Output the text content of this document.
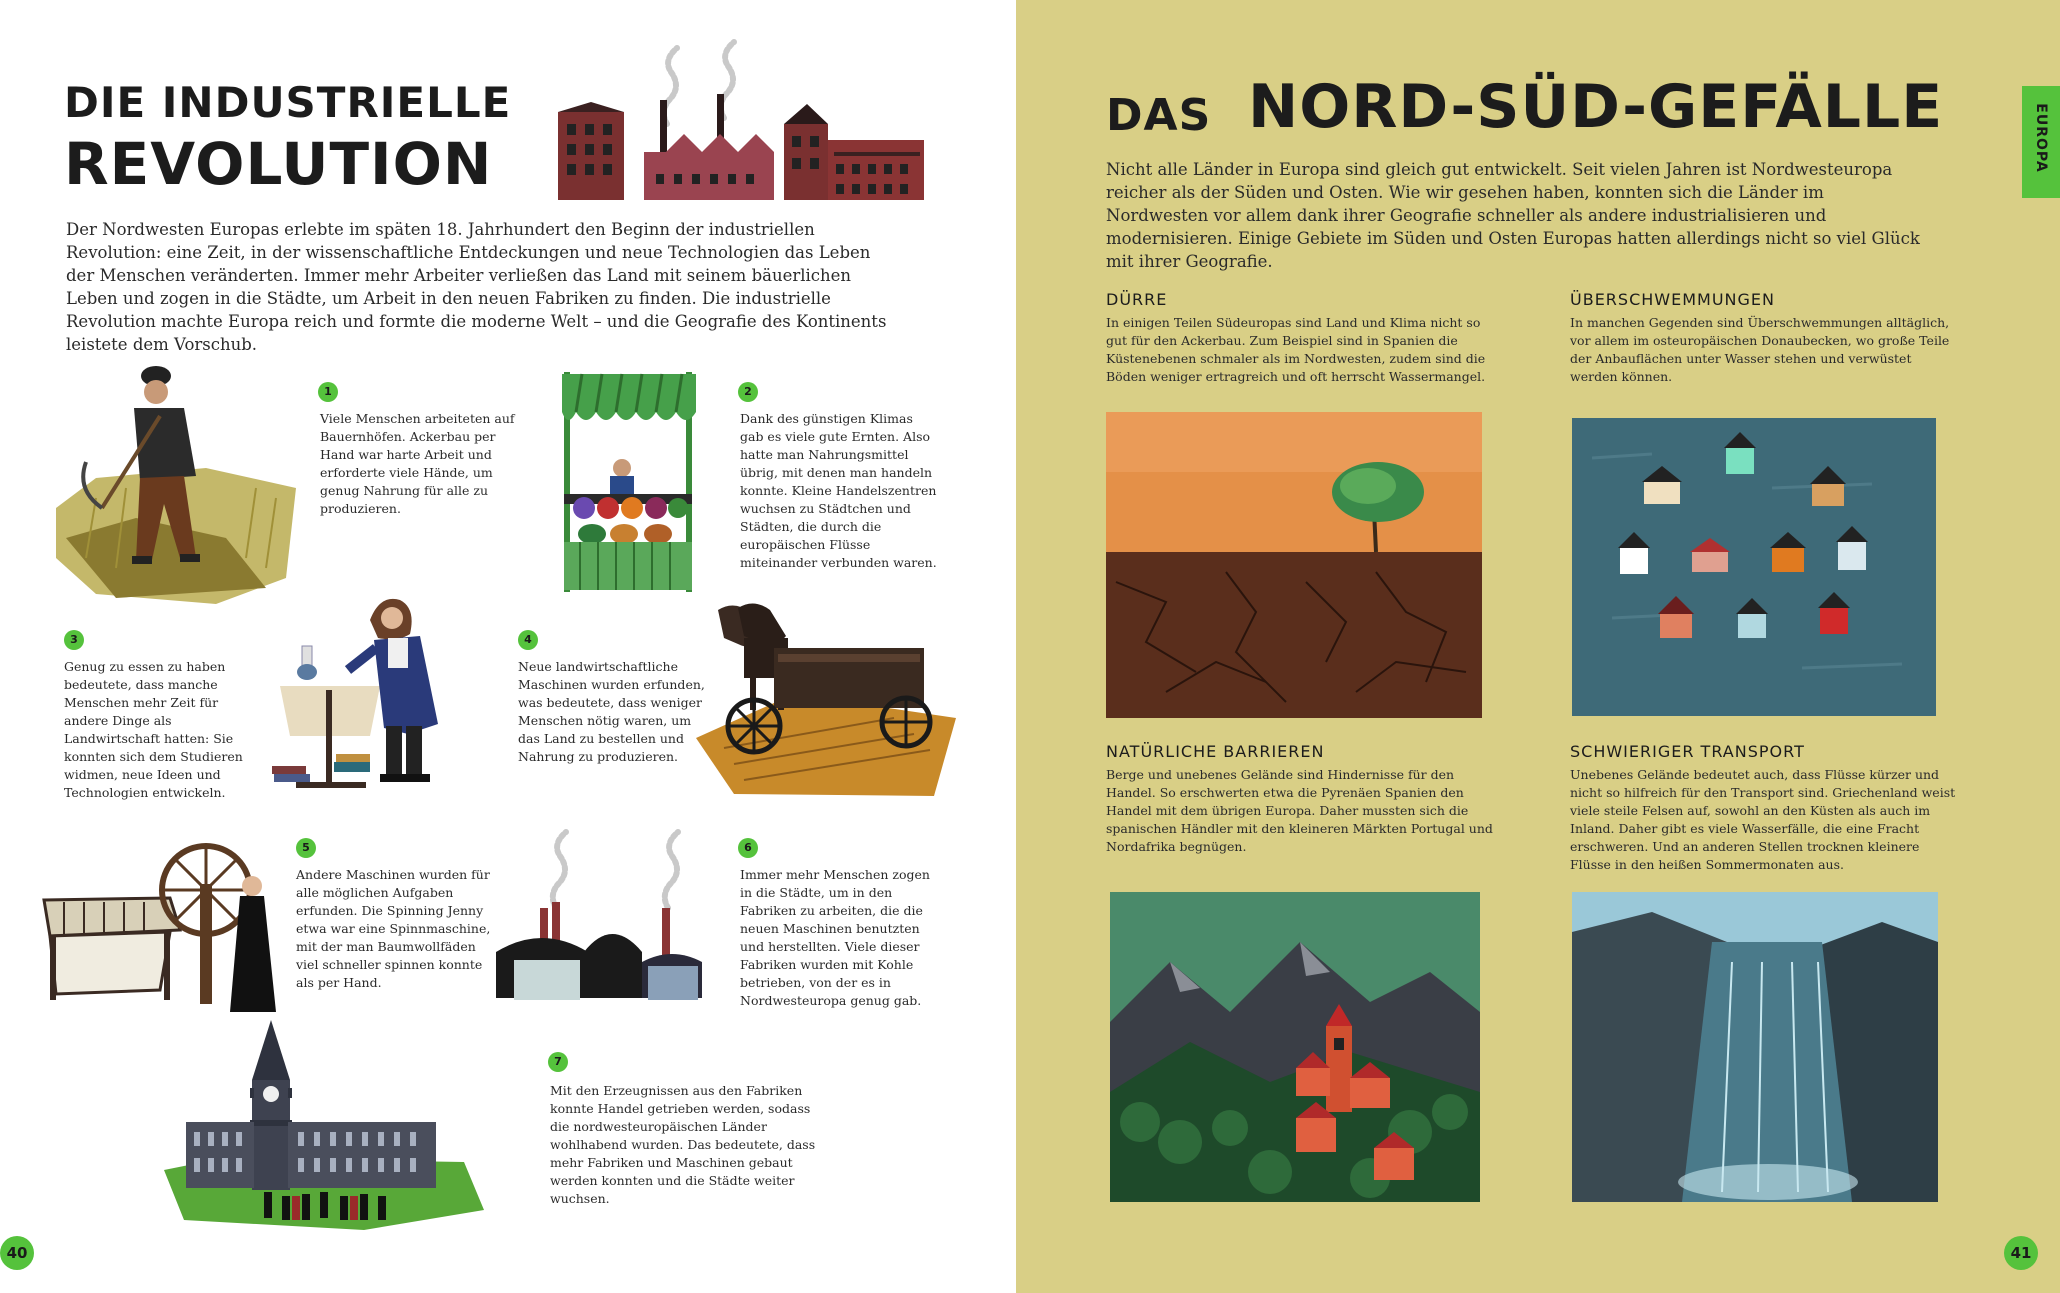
DIE INDUSTRIELLE
REVOLUTION

Der Nordwesten Europas erlebte im späten 18. Jahrhundert den Beginn der industriellen Revolution: eine Zeit, in der wissenschaftliche Entdeckungen und neue Technologien das Leben der Menschen veränderten. Immer mehr Arbeiter verließen das Land mit seinem bäuerlichen Leben und zogen in die Städte, um Arbeit in den neuen Fabriken zu finden. Die industrielle Revolution machte Europa reich und formte die moderne Welt – und die Geografie des Kontinents leistete dem Vorschub.

1

Viele Menschen arbeiteten auf Bauernhöfen. Ackerbau per Hand war harte Arbeit und erforderte viele Hände, um genug Nahrung für alle zu produzieren.

2

Dank des günstigen Klimas gab es viele gute Ernten. Also hatte man Nahrungsmittel übrig, mit denen man handeln konnte. Kleine Handelszentren wuchsen zu Städtchen und Städten, die durch die europäischen Flüsse miteinander verbunden waren.

3

Genug zu essen zu haben bedeutete, dass manche Menschen mehr Zeit für andere Dinge als Landwirtschaft hatten: Sie konnten sich dem Studieren widmen, neue Ideen und Technologien entwickeln.

4

Neue landwirtschaftliche Maschinen wurden erfunden, was bedeutete, dass weniger Menschen nötig waren, um das Land zu bestellen und Nahrung zu produzieren.

5

Andere Maschinen wurden für alle möglichen Aufgaben erfunden. Die Spinning Jenny etwa war eine Spinnmaschine, mit der man Baumwollfäden viel schneller spinnen konnte als per Hand.

6

Immer mehr Menschen zogen in die Städte, um in den Fabriken zu arbeiten, die die neuen Maschinen benutzten und herstellten. Viele dieser Fabriken wurden mit Kohle betrieben, von der es in Nordwesteuropa genug gab.

7

Mit den Erzeugnissen aus den Fabriken konnte Handel getrieben werden, sodass die nordwesteuropäischen Länder wohlhabend wurden. Das bedeutete, dass mehr Fabriken und Maschinen gebaut werden konnten und die Städte weiter wuchsen.

40
DAS NORD-SÜD-GEFÄLLE	EUROPA

Nicht alle Länder in Europa sind gleich gut entwickelt. Seit vielen Jahren ist Nordwesteuropa reicher als der Süden und Osten. Wie wir gesehen haben, konnten sich die Länder im Nordwesten vor allem dank ihrer Geografie schneller als andere industrialisieren und modernisieren. Einige Gebiete im Süden und Osten Europas hatten allerdings nicht so viel Glück mit ihrer Geografie.

DÜRRE

In einigen Teilen Südeuropas sind Land und Klima nicht so gut für den Ackerbau. Zum Beispiel sind in Spanien die Küstenebenen schmaler als im Nordwesten, zudem sind die Böden weniger ertragreich und oft herrscht Wassermangel.

ÜBERSCHWEMMUNGEN

In manchen Gegenden sind Überschwemmungen alltäglich, vor allem im osteuropäischen Donaubecken, wo große Teile der Anbauflächen unter Wasser stehen und verwüstet werden können.

NATÜRLICHE BARRIEREN

Berge und unebenes Gelände sind Hindernisse für den Handel. So erschwerten etwa die Pyrenäen Spanien den Handel mit dem übrigen Europa. Daher mussten sich die spanischen Händler mit den kleineren Märkten Portugal und Nordafrika begnügen.

SCHWIERIGER TRANSPORT

Unebenes Gelände bedeutet auch, dass Flüsse kürzer und nicht so hilfreich für den Transport sind. Griechenland weist viele steile Felsen auf, sowohl an den Küsten als auch im Inland. Daher gibt es viele Wasserfälle, die eine Fracht erschweren. Und an anderen Stellen trocknen kleinere Flüsse in den heißen Sommermonaten aus.

41
